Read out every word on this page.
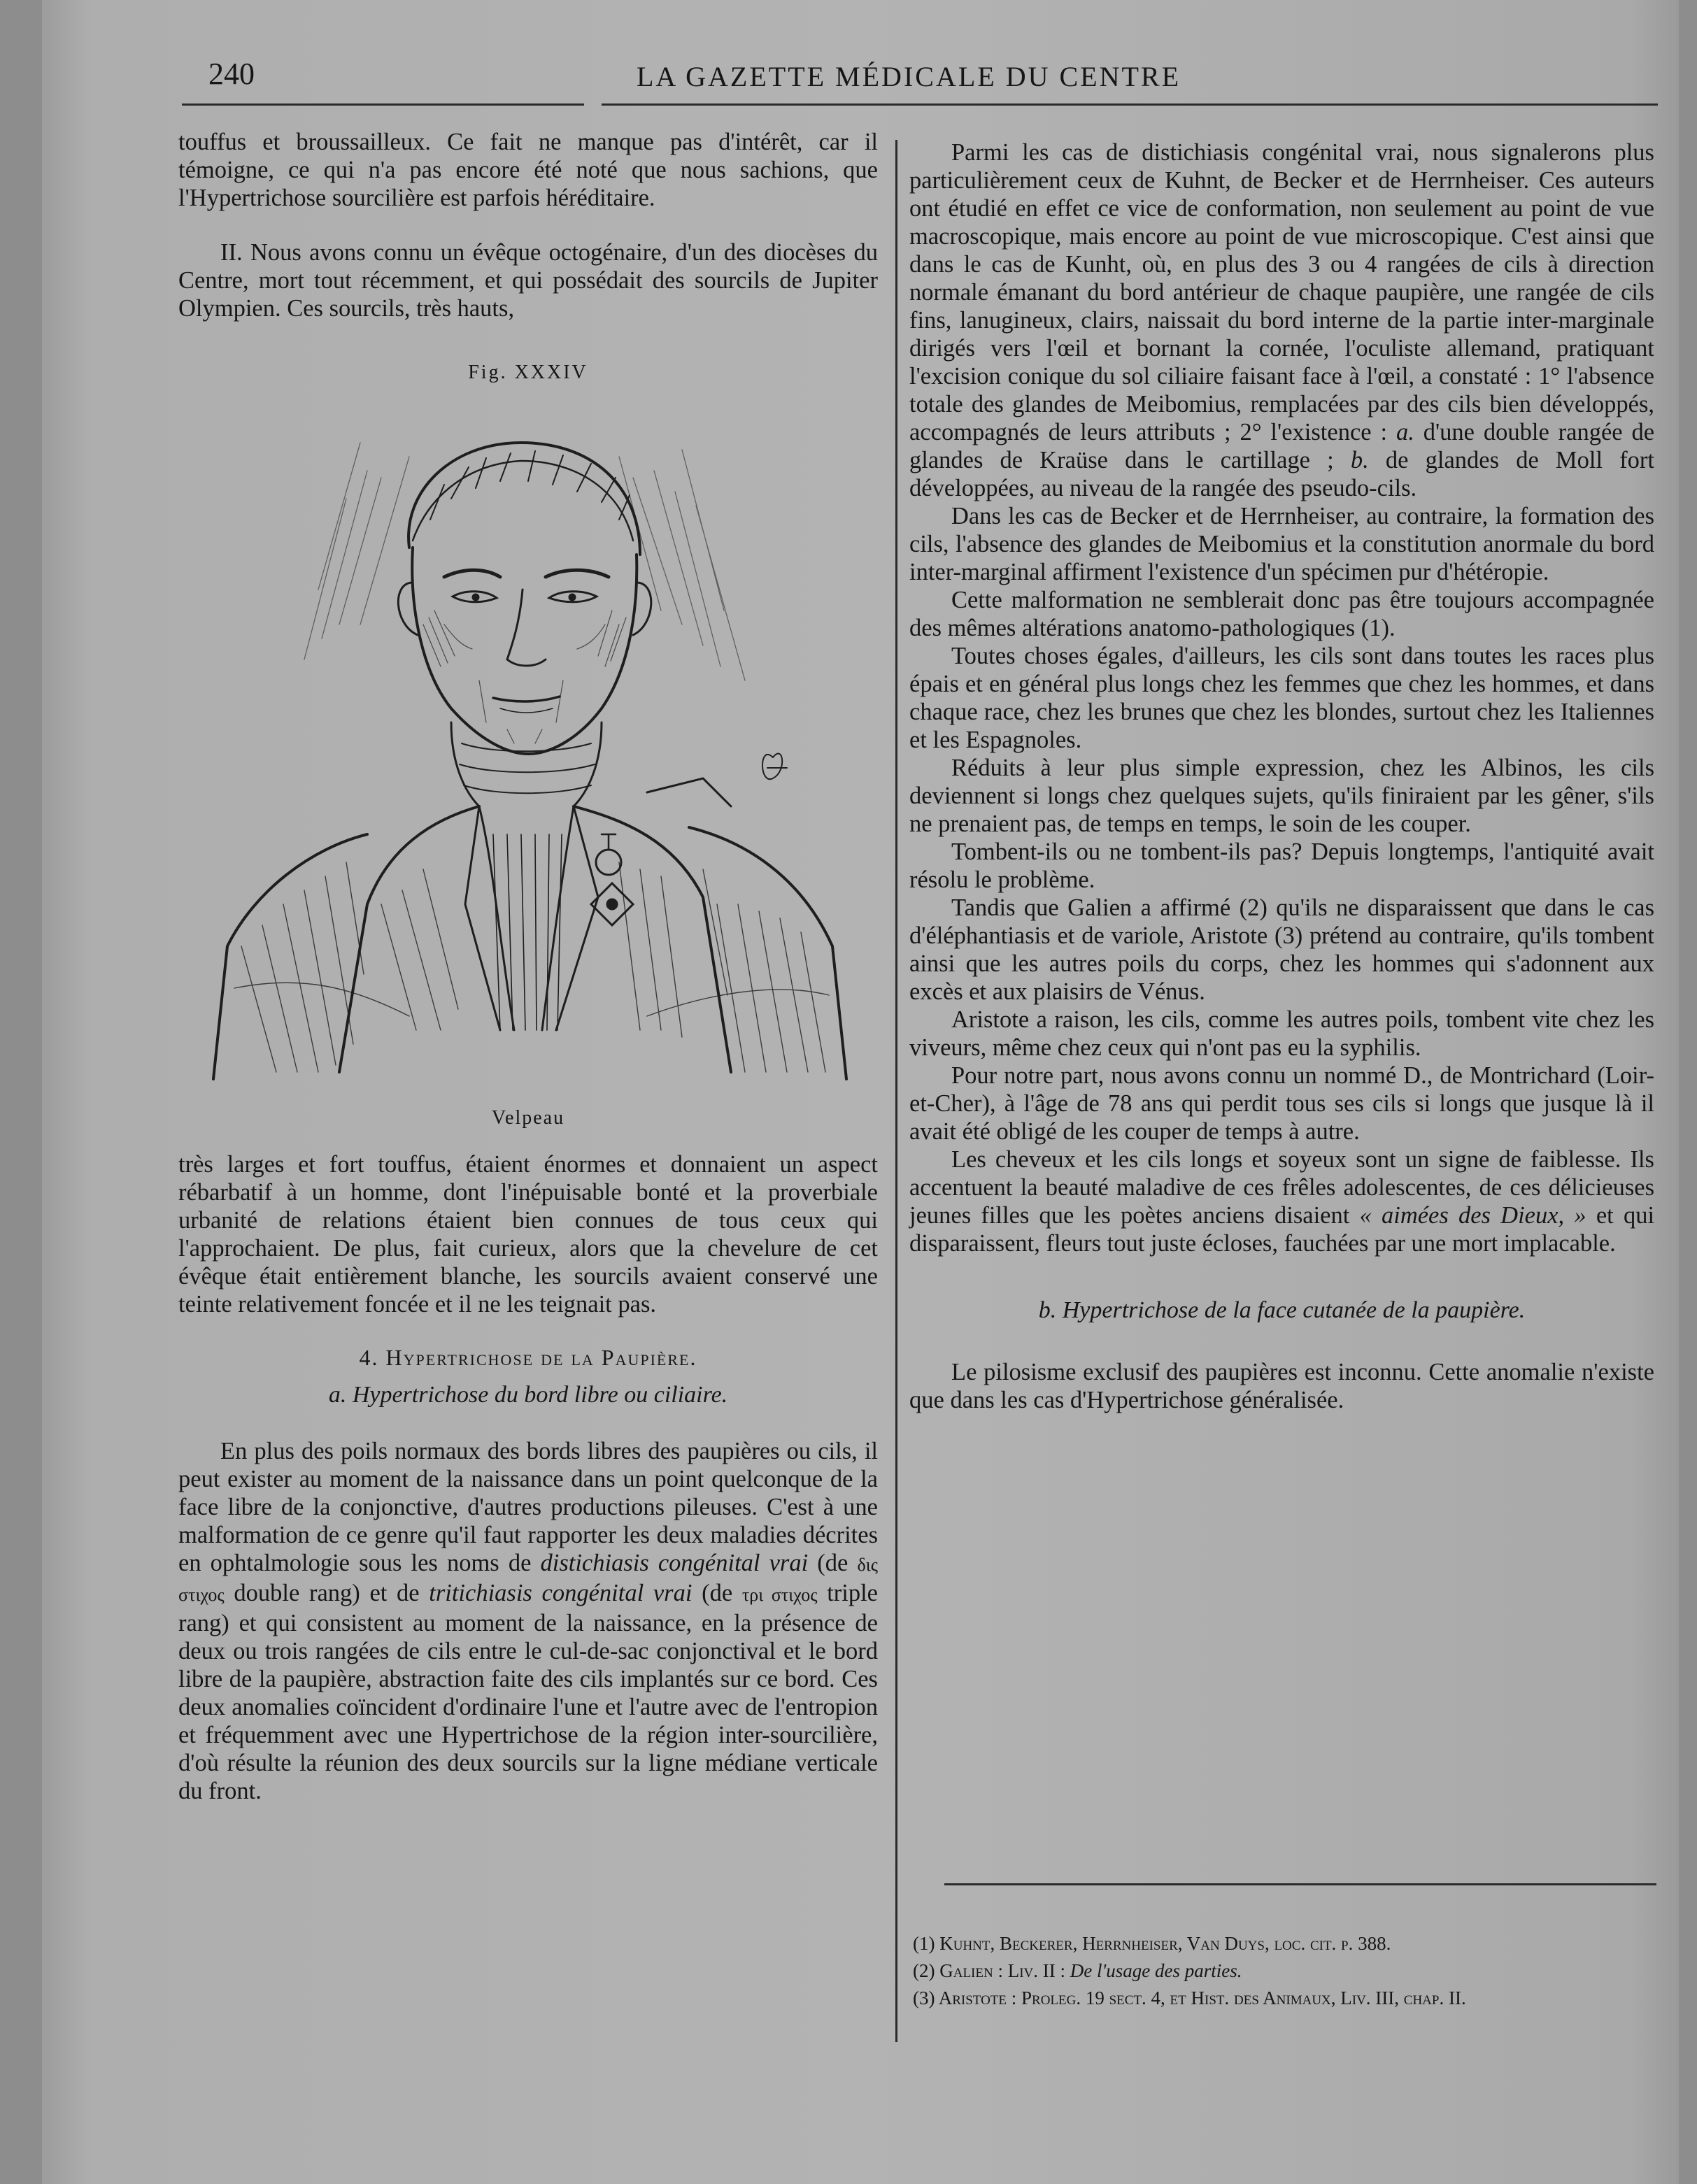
240	LA GAZETTE MÉDICALE DU CENTRE

touffus et broussailleux. Ce fait ne manque pas d'intérêt, car il témoigne, ce qui n'a pas encore été noté que nous sachions, que l'Hypertrichose sourcilière est parfois héréditaire.

II. Nous avons connu un évêque octogénaire, d'un des diocèses du Centre, mort tout récemment, et qui possédait des sourcils de Jupiter Olympien. Ces sourcils, très hauts,

Fig. XXXIV
Velpeau

très larges et fort touffus, étaient énormes et donnaient un aspect rébarbatif à un homme, dont l'inépuisable bonté et la proverbiale urbanité de relations étaient bien connues de tous ceux qui l'approchaient. De plus, fait curieux, alors que la chevelure de cet évêque était entièrement blanche, les sourcils avaient conservé une teinte relativement foncée et il ne les teignait pas.

4. Hypertrichose de la Paupière.
a. Hypertrichose du bord libre ou ciliaire.

En plus des poils normaux des bords libres des paupières ou cils, il peut exister au moment de la naissance dans un point quelconque de la face libre de la conjonctive, d'autres productions pileuses. C'est à une malformation de ce genre qu'il faut rapporter les deux maladies décrites en ophtalmologie sous les noms de distichiasis congénital vrai (de δις στιχος double rang) et de tritichiasis congénital vrai (de τρι στιχος triple rang) et qui consistent au moment de la naissance, en la présence de deux ou trois rangées de cils entre le cul-de-sac conjonctival et le bord libre de la paupière, abstraction faite des cils implantés sur ce bord. Ces deux anomalies coïncident d'ordinaire l'une et l'autre avec de l'entropion et fréquemment avec une Hypertrichose de la région inter-sourcilière, d'où résulte la réunion des deux sourcils sur la ligne médiane verticale du front.

Parmi les cas de distichiasis congénital vrai, nous signalerons plus particulièrement ceux de Kuhnt, de Becker et de Herrnheiser. Ces auteurs ont étudié en effet ce vice de conformation, non seulement au point de vue macroscopique, mais encore au point de vue microscopique. C'est ainsi que dans le cas de Kunht, où, en plus des 3 ou 4 rangées de cils à direction normale émanant du bord antérieur de chaque paupière, une rangée de cils fins, lanugineux, clairs, naissait du bord interne de la partie inter-marginale dirigés vers l'œil et bornant la cornée, l'oculiste allemand, pratiquant l'excision conique du sol ciliaire faisant face à l'œil, a constaté : 1° l'absence totale des glandes de Meibomius, remplacées par des cils bien développés, accompagnés de leurs attributs ; 2° l'existence : a. d'une double rangée de glandes de Kraüse dans le cartillage ; b. de glandes de Moll fort développées, au niveau de la rangée des pseudo-cils.

Dans les cas de Becker et de Herrnheiser, au contraire, la formation des cils, l'absence des glandes de Meibomius et la constitution anormale du bord inter-marginal affirment l'existence d'un spécimen pur d'hétéropie.

Cette malformation ne semblerait donc pas être toujours accompagnée des mêmes altérations anatomo-pathologiques (1).

Toutes choses égales, d'ailleurs, les cils sont dans toutes les races plus épais et en général plus longs chez les femmes que chez les hommes, et dans chaque race, chez les brunes que chez les blondes, surtout chez les Italiennes et les Espagnoles.

Réduits à leur plus simple expression, chez les Albinos, les cils deviennent si longs chez quelques sujets, qu'ils finiraient par les gêner, s'ils ne prenaient pas, de temps en temps, le soin de les couper.

Tombent-ils ou ne tombent-ils pas? Depuis longtemps, l'antiquité avait résolu le problème.

Tandis que Galien a affirmé (2) qu'ils ne disparaissent que dans le cas d'éléphantiasis et de variole, Aristote (3) prétend au contraire, qu'ils tombent ainsi que les autres poils du corps, chez les hommes qui s'adonnent aux excès et aux plaisirs de Vénus.

Aristote a raison, les cils, comme les autres poils, tombent vite chez les viveurs, même chez ceux qui n'ont pas eu la syphilis.

Pour notre part, nous avons connu un nommé D., de Montrichard (Loir-et-Cher), à l'âge de 78 ans qui perdit tous ses cils si longs que jusque là il avait été obligé de les couper de temps à autre.

Les cheveux et les cils longs et soyeux sont un signe de faiblesse. Ils accentuent la beauté maladive de ces frêles adolescentes, de ces délicieuses jeunes filles que les poètes anciens disaient « aimées des Dieux, » et qui disparaissent, fleurs tout juste écloses, fauchées par une mort implacable.

b. Hypertrichose de la face cutanée de la paupière.

Le pilosisme exclusif des paupières est inconnu. Cette anomalie n'existe que dans les cas d'Hypertrichose généralisée.

(1) Kuhnt, Beckerer, Herrnheiser, Van Duys, loc. cit. p. 388.

(2) Galien : Liv. II : De l'usage des parties.

(3) Aristote : Proleg. 19 sect. 4, et Hist. des Animaux, Liv. III, chap. II.
